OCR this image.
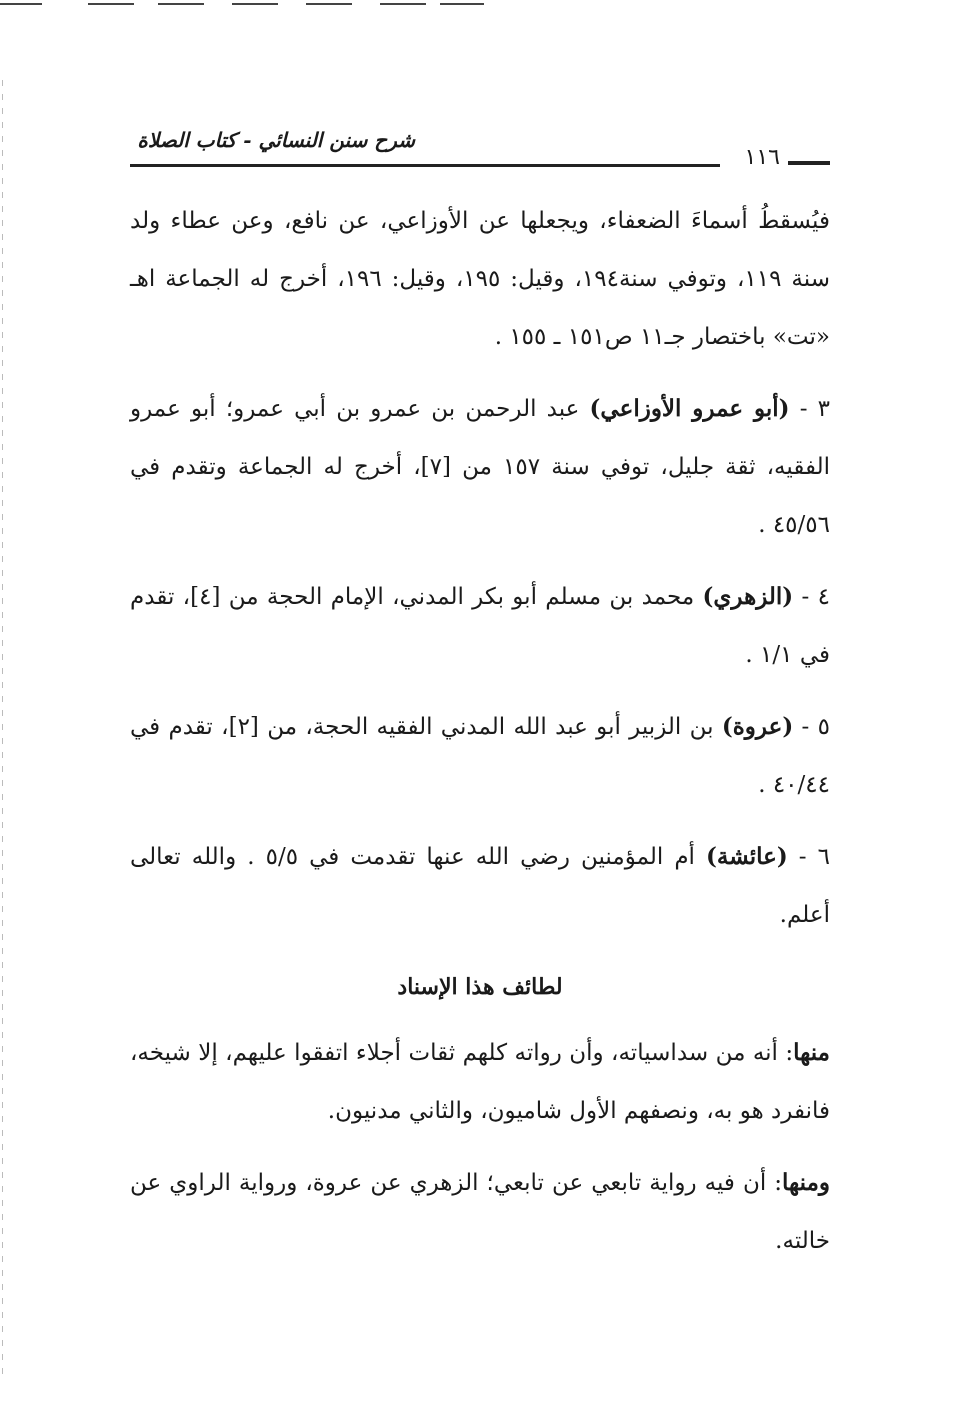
شرح سنن النسائي - كتاب الصلاة
١١٦

فيُسقطُ أسماءَ الضعفاء، ويجعلها عن الأوزاعي، عن نافع، وعن عطاء ولد سنة ١١٩، وتوفي سنة١٩٤، وقيل: ١٩٥، وقيل: ١٩٦، أخرج له الجماعة اهـ «تت» باختصار جـ١١ ص١٥١ ـ ١٥٥ .

٣ - (أبو عمرو الأوزاعي) عبد الرحمن بن عمرو بن أبي عمرو؛ أبو عمرو الفقيه، ثقة جليل، توفي سنة ١٥٧ من [٧]، أخرج له الجماعة وتقدم في ٤٥/٥٦ .

٤ - (الزهري) محمد بن مسلم أبو بكر المدني، الإمام الحجة من [٤]، تقدم في ١/١ .

٥ - (عروة) بن الزبير أبو عبد الله المدني الفقيه الحجة، من [٢]، تقدم في ٤٠/٤٤ .

٦ - (عائشة) أم المؤمنين رضي الله عنها تقدمت في ٥/٥ . والله تعالى أعلم.

لطائف هذا الإسناد

منها: أنه من سداسياته، وأن رواته كلهم ثقات أجلاء اتفقوا عليهم، إلا شيخه، فانفرد هو به، ونصفهم الأول شاميون، والثاني مدنيون.

ومنها: أن فيه رواية تابعي عن تابعي؛ الزهري عن عروة، ورواية الراوي عن خالته.
